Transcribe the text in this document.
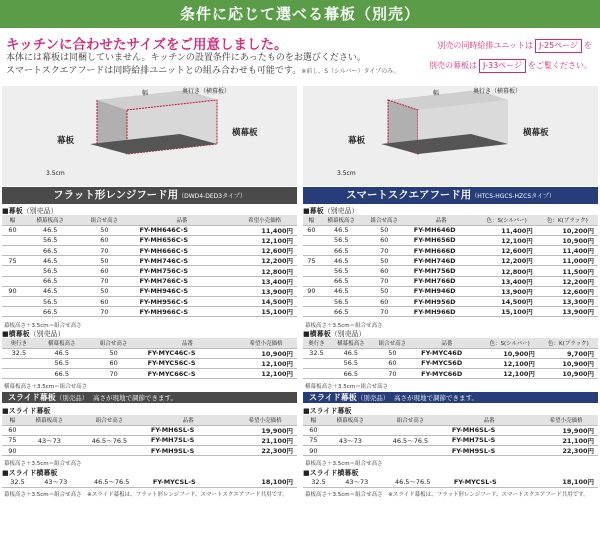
条件に応じて選べる幕板（別売）
キッチンに合わせたサイズをご用意しました。
本体には幕板は同梱していません。キッチンの設置条件にあったものをお選びください。
スマートスクエアフードは同時給排ユニットとの組み合わせも可能です。※前し、S（シルバー）タイプのみ。
別売の同時給排ユニットは J-25ページ を
別売の幕板は J-33ページ をご覧ください。
幕板
横幕板
幅	奥行き（横幕板）
3.5cm
フラット形レンジフード用（DWD4-DED3タイプ）
■幕板（別売品）
幅	横幕板高さ	組合せ高さ	品番	希望小売価格
60	46.5	50	FY-MH646C-S	11,400円
	56.5	60	FY-MH656C-S	12,100円
	66.5	70	FY-MH666C-S	12,600円
75	46.5	50	FY-MH746C-S	12,200円
	56.5	60	FY-MH756C-S	12,800円
	66.5	70	FY-MH766C-S	13,400円
90	46.5	50	FY-MH946C-S	13,900円
	56.5	60	FY-MH956C-S	14,500円
	66.5	70	FY-MH966C-S	15,100円
幕板高さ＋3.5cm＝組合せ高さ
■横幕板（別売品）
奥行き	横幕板高さ	組合せ高さ	品番	希望小売価格
32.5	46.5	50	FY-MYC46C-S	10,900円
	56.5	60	FY-MYC56C-S	12,100円
	66.5	70	FY-MYC66C-S	12,100円
横幕板高さ＋3.5cm＝組合せ高さ
スライド幕板（別売品）　 高さが現地で調節できます。
■スライド幕板
幅	横幕板高さ	組合せ高さ	品番	希望小売価格
60			FY-MH6SL-S	19,900円
75	43〜73	46.5〜76.5	FY-MH7SL-S	21,100円
90			FY-MH9SL-S	22,300円
幕板高さ＋3.5cm＝組合せ高さ
■スライド横幕板
32.5	43〜73	46.5〜76.5	FY-MYCSL-S	18,100円
幕板高さ＋3.5cm＝組合せ高さ　※スライド幕板は、フラット形レンジフード、スマートスクエアフード共用です。
幕板
横幕板
幅	奥行き（横幕板）
3.5cm
スマートスクエアフード用（HTCS-HGCS-HZCSタイプ）
■幕板（別売品）
幅	横幕板高さ	組合せ高さ	品番	色：S(シルバー)	色：K(ブラック)
60	46.5	50	FY-MH646D	11,400円	10,200円
	56.5	60	FY-MH656D	12,100円	10,900円
	66.5	70	FY-MH666D	12,600円	11,400円
75	46.5	50	FY-MH746D	12,200円	11,000円
	56.5	60	FY-MH756D	12,800円	11,500円
	66.5	70	FY-MH766D	13,400円	12,200円
90	46.5	50	FY-MH946D	13,900円	12,600円
	56.5	60	FY-MH956D	14,500円	13,300円
	66.5	70	FY-MH966D	15,100円	13,900円
幕板高さ＋3.5cm＝組合せ高さ
■横幕板（別売品）
奥行き	横幕板高さ	組合せ高さ	品番	色：S(シルバー)	色：K(ブラック)
32.5	46.5	50	FY-MYC46D	10,900円	9,700円
	56.5	60	FY-MYC56D	12,100円	10,900円
	66.5	70	FY-MYC66D	12,100円	10,900円
横幕板高さ＋3.5cm＝組合せ高さ
スライド幕板（別売品）　 高さが現地で調節できます。
■スライド幕板
幅	横幕板高さ	組合せ高さ	品番	希望小売価格
60			FY-MH6SL-S	19,900円
75	43〜73	46.5〜76.5	FY-MH7SL-S	21,100円
90			FY-MH9SL-S	22,300円
幕板高さ＋3.5cm＝組合せ高さ
■スライド横幕板
32.5	43〜73	46.5〜76.5	FY-MYCSL-S	18,100円
幕板高さ＋3.5cm＝組合せ高さ　※スライド幕板は、フラット形レンジフード、スマートスクエアフード共用です。
